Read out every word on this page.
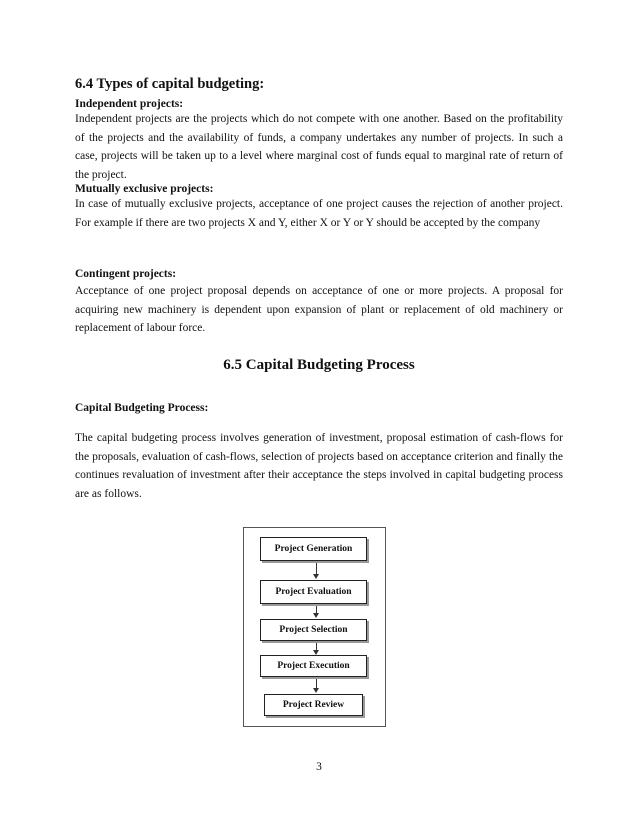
6.4 Types of capital budgeting:
Independent projects:
Independent projects are the projects which do not compete with one another. Based on the profitability of the projects and the availability of funds, a company undertakes any number of projects. In such a case, projects will be taken up to a level where marginal cost of funds equal to marginal rate of return of the project.
Mutually exclusive projects:
In case of mutually exclusive projects, acceptance of one project causes the rejection of another project. For example if there are two projects X and Y, either X or Y or Y should be accepted by the company
Contingent projects:
Acceptance of one project proposal depends on acceptance of one or more projects. A proposal for acquiring new machinery is dependent upon expansion of plant or replacement of old machinery or replacement of labour force.
6.5 Capital Budgeting Process
Capital Budgeting Process:
The capital budgeting process involves generation of investment, proposal estimation of cash-flows for the proposals, evaluation of cash-flows, selection of projects based on acceptance criterion and finally the continues revaluation of investment after their acceptance the steps involved in capital budgeting process are as follows.
Project Generation
Project Evaluation
Project Selection
Project Execution
Project Review
3
